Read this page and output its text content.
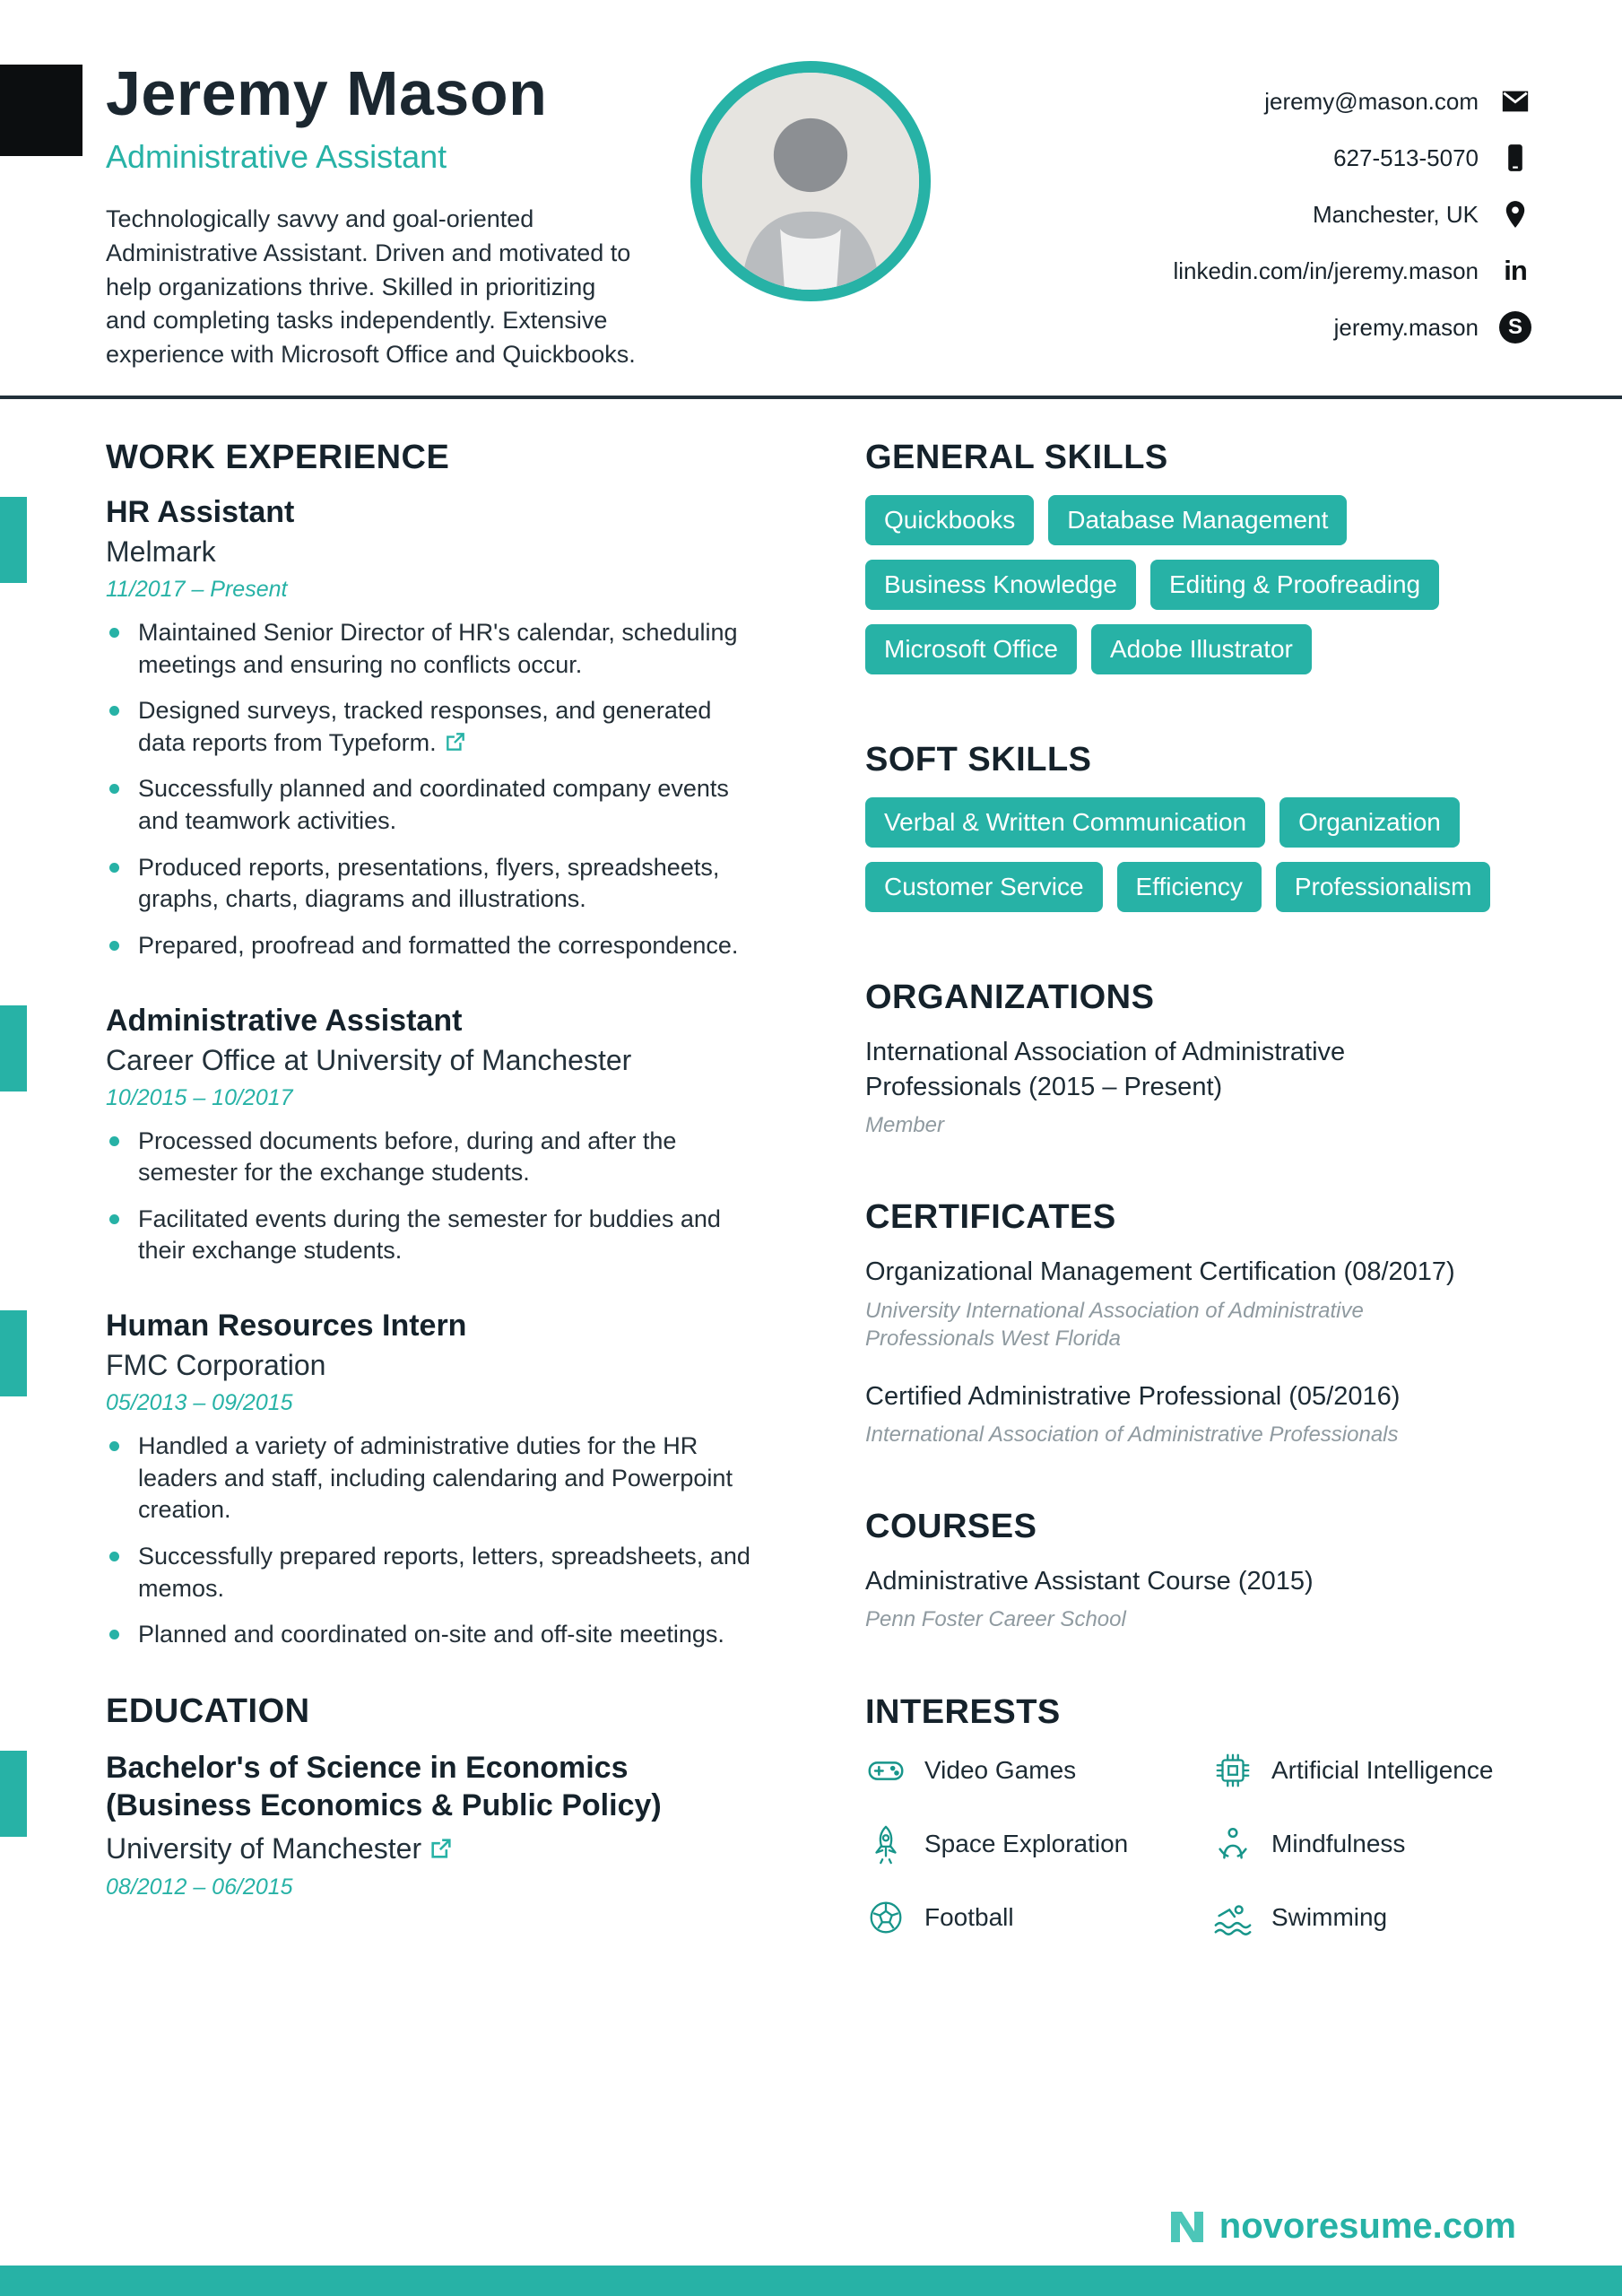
Jeremy Mason
Administrative Assistant
Technologically savvy and goal-oriented Administrative Assistant. Driven and motivated to help organizations thrive. Skilled in prioritizing and completing tasks independently. Extensive experience with Microsoft Office and Quickbooks.
jeremy@mason.com
627-513-5070
Manchester, UK
linkedin.com/in/jeremy.mason in
jeremy.mason	S
WORK EXPERIENCE
HR Assistant
Melmark
11/2017 – Present
Maintained Senior Director of HR's calendar, scheduling meetings and ensuring no conflicts occur.
Designed surveys, tracked responses, and generated data reports from Typeform.
Successfully planned and coordinated company events and teamwork activities.
Produced reports, presentations, flyers, spreadsheets, graphs, charts, diagrams and illustrations.
Prepared, proofread and formatted the correspondence.
Administrative Assistant
Career Office at University of Manchester
10/2015 – 10/2017
Processed documents before, during and after the semester for the exchange students.
Facilitated events during the semester for buddies and their exchange students.
Human Resources Intern
FMC Corporation
05/2013 – 09/2015
Handled a variety of administrative duties for the HR leaders and staff, including calendaring and Powerpoint creation.
Successfully prepared reports, letters, spreadsheets, and memos.
Planned and coordinated on-site and off-site meetings.
EDUCATION
Bachelor's of Science in Economics (Business Economics & Public Policy)
University of Manchester
08/2012 – 06/2015
GENERAL SKILLS
Quickbooks	Database Management
Business Knowledge	Editing & Proofreading
Microsoft Office	Adobe Illustrator
SOFT SKILLS
Verbal & Written Communication	Organization
Customer Service	Efficiency	Professionalism
ORGANIZATIONS
International Association of Administrative Professionals (2015 – Present)
Member
CERTIFICATES
Organizational Management Certification (08/2017)
University International Association of Administrative Professionals West Florida
Certified Administrative Professional (05/2016)
International Association of Administrative Professionals
COURSES
Administrative Assistant Course (2015)
Penn Foster Career School
INTERESTS
Video Games	Artificial Intelligence
Space Exploration	Mindfulness
Football	Swimming
novoresume.com
